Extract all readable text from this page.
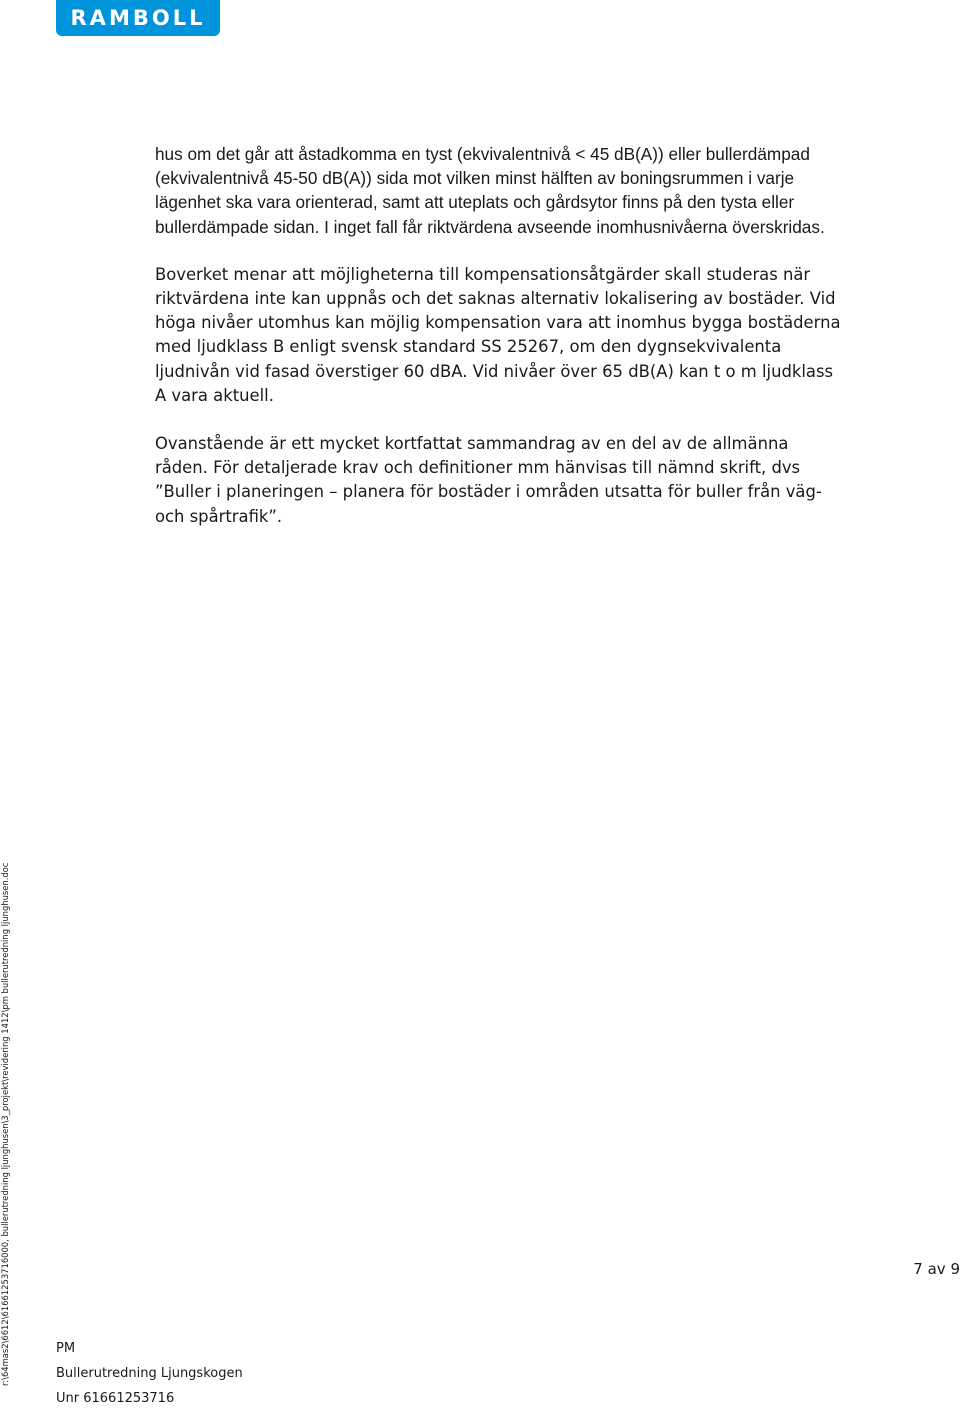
RAMBOLL

hus om det går att åstadkomma en tyst (ekvivalentnivå < 45 dB(A)) eller bullerdämpad (ekvivalentnivå 45-50 dB(A)) sida mot vilken minst hälften av boningsrummen i varje lägenhet ska vara orienterad, samt att uteplats och gårdsytor finns på den tysta eller bullerdämpade sidan. I inget fall får riktvärdena avseende inomhusnivåerna överskridas.

Boverket menar att möjligheterna till kompensationsåtgärder skall studeras när riktvärdena inte kan uppnås och det saknas alternativ lokalisering av bostäder. Vid höga nivåer utomhus kan möjlig kompensation vara att inomhus bygga bostäderna med ljudklass B enligt svensk standard SS 25267, om den dygnsekvivalenta ljudnivån vid fasad överstiger 60 dBA. Vid nivåer över 65 dB(A) kan t o m ljudklass A vara aktuell.

Ovanstående är ett mycket kortfattat sammandrag av en del av de allmänna råden. För detaljerade krav och definitioner mm hänvisas till nämnd skrift, dvs ”Buller i planeringen – planera för bostäder i områden utsatta för buller från väg- och spårtrafik”.

7 av 9
PM
Bullerutredning Ljungskogen
Unr 61661253716
r:\64mas2\6612\61661253716000, bullerutredning ljunghusen\3_projekt\revidering 1412\pm bullerutredning ljunghusen.doc
